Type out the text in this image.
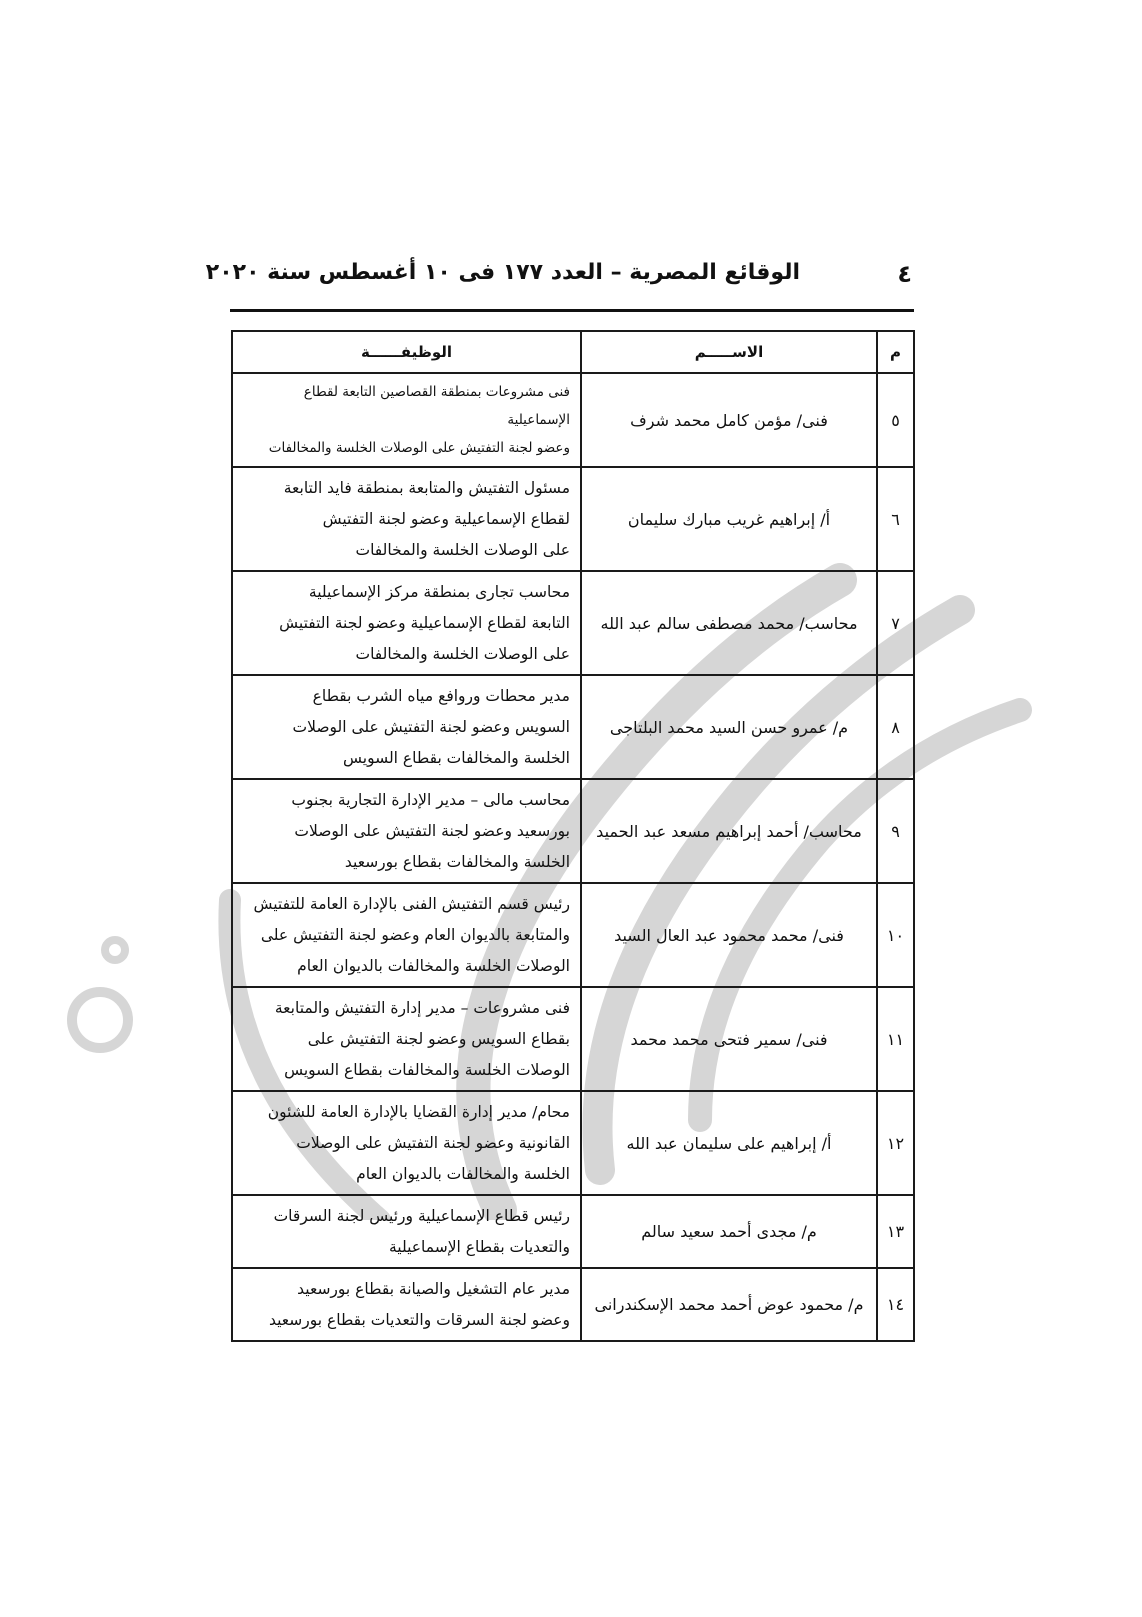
٤
الوقائع المصرية – العدد ١٧٧ فى ١٠ أغسطس سنة ٢٠٢٠
م	الاســـــم	الوظيفــــــة
٥	فنى/ مؤمن كامل محمد شرف	فنى مشروعات بمنطقة القصاصين التابعة لقطاع الإسماعيلية
وعضو لجنة التفتيش على الوصلات الخلسة والمخالفات

٦	أ/ إبراهيم غريب مبارك سليمان	مسئول التفتيش والمتابعة بمنطقة فايد التابعة
لقطاع الإسماعيلية وعضو لجنة التفتيش
على الوصلات الخلسة والمخالفات

٧	محاسب/ محمد مصطفى سالم عبد الله	محاسب تجارى بمنطقة مركز الإسماعيلية
التابعة لقطاع الإسماعيلية وعضو لجنة التفتيش
على الوصلات الخلسة والمخالفات

٨	م/ عمرو حسن السيد محمد البلتاجى	مدير محطات وروافع مياه الشرب بقطاع
السويس وعضو لجنة التفتيش على الوصلات
الخلسة والمخالفات بقطاع السويس

٩	محاسب/ أحمد إبراهيم مسعد عبد الحميد	محاسب مالى – مدير الإدارة التجارية بجنوب
بورسعيد وعضو لجنة التفتيش على الوصلات
الخلسة والمخالفات بقطاع بورسعيد

١٠	فنى/ محمد محمود عبد العال السيد	رئيس قسم التفتيش الفنى بالإدارة العامة للتفتيش
والمتابعة بالديوان العام وعضو لجنة التفتيش على
الوصلات الخلسة والمخالفات بالديوان العام

١١	فنى/ سمير فتحى محمد محمد	فنى مشروعات – مدير إدارة التفتيش والمتابعة
بقطاع السويس وعضو لجنة التفتيش على
الوصلات الخلسة والمخالفات بقطاع السويس

١٢	أ/ إبراهيم على سليمان عبد الله	محام/ مدير إدارة القضايا بالإدارة العامة للشئون
القانونية وعضو لجنة التفتيش على الوصلات
الخلسة والمخالفات بالديوان العام

١٣	م/ مجدى أحمد سعيد سالم	رئيس قطاع الإسماعيلية ورئيس لجنة السرقات
والتعديات بقطاع الإسماعيلية

١٤	م/ محمود عوض أحمد محمد الإسكندرانى	مدير عام التشغيل والصيانة بقطاع بورسعيد
وعضو لجنة السرقات والتعديات بقطاع بورسعيد
